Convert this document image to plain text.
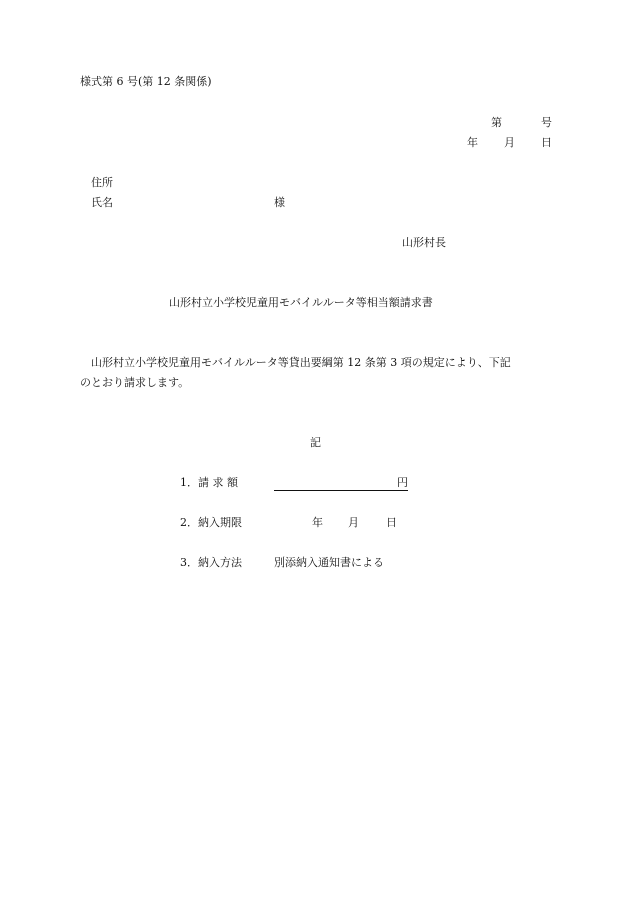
様式第 6 号(第 12 条関係)
第	号
年 月 日
住所
氏名	様
山形村長
山形村立小学校児童用モバイルルータ等相当額請求書
山形村立小学校児童用モバイルルータ等貸出要綱第 12 条第 3 項の規定により、下記
のとおり請求します。
記
1．請 求 額	円
2．納入期限	年 月 日
3．納入方法	別添納入通知書による
